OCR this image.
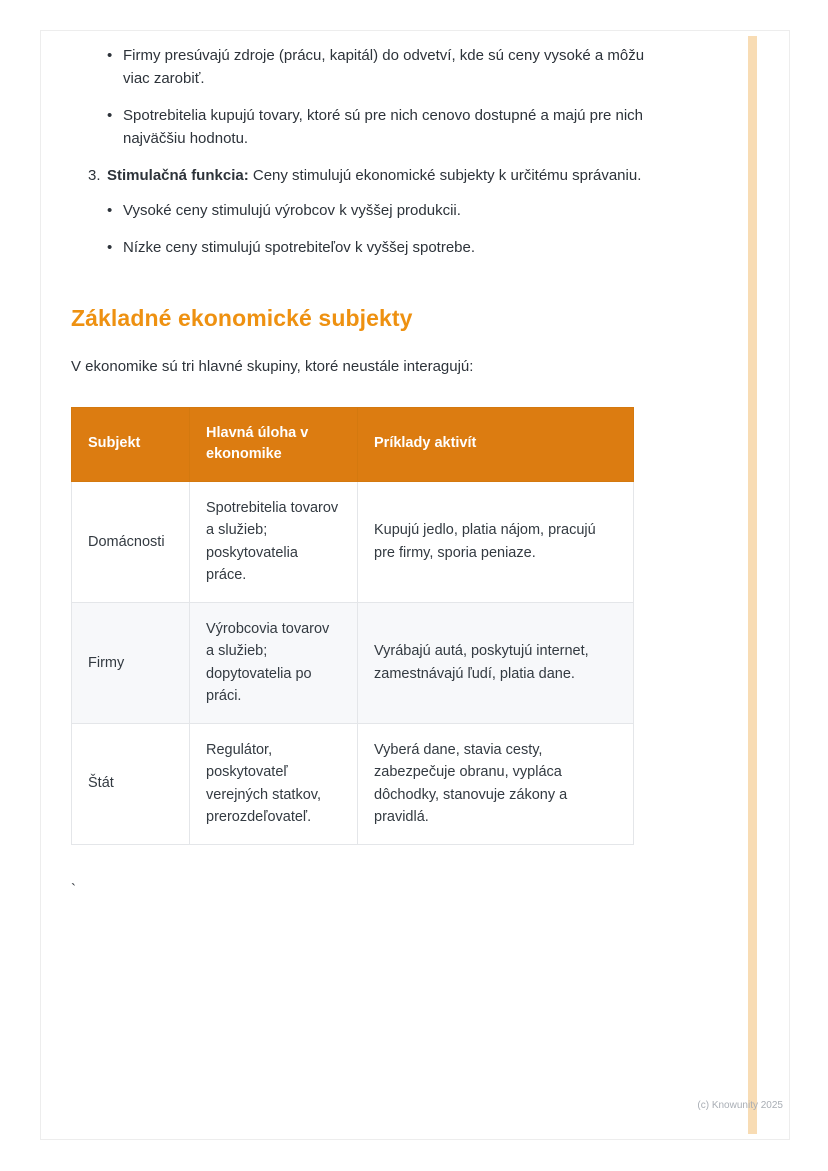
•
Firmy presúvajú zdroje (prácu, kapitál) do odvetví, kde sú ceny vysoké a môžu viac zarobiť.
•
Spotrebitelia kupujú tovary, ktoré sú pre nich cenovo dostupné a majú pre nich najväčšiu hodnotu.
3. Stimulačná funkcia: Ceny stimulujú ekonomické subjekty k určitému správaniu.
•
Vysoké ceny stimulujú výrobcov k vyššej produkcii.
•
Nízke ceny stimulujú spotrebiteľov k vyššej spotrebe.
Základné ekonomické subjekty

V ekonomike sú tri hlavné skupiny, ktoré neustále interagujú:

Subjekt	Hlavná úloha v ekonomike	Príklady aktivít
Domácnosti	Spotrebitelia tovarov a služieb; poskytovatelia práce.	Kupujú jedlo, platia nájom, pracujú pre firmy, sporia peniaze.
Firmy	Výrobcovia tovarov a služieb; dopytovatelia po práci.	Vyrábajú autá, poskytujú internet, zamestnávajú ľudí, platia dane.
Štát	Regulátor, poskytovateľ verejných statkov, prerozdeľovateľ.	Vyberá dane, stavia cesty, zabezpečuje obranu, vypláca dôchodky, stanovuje zákony a pravidlá.

`

(c) Knowunity 2025
